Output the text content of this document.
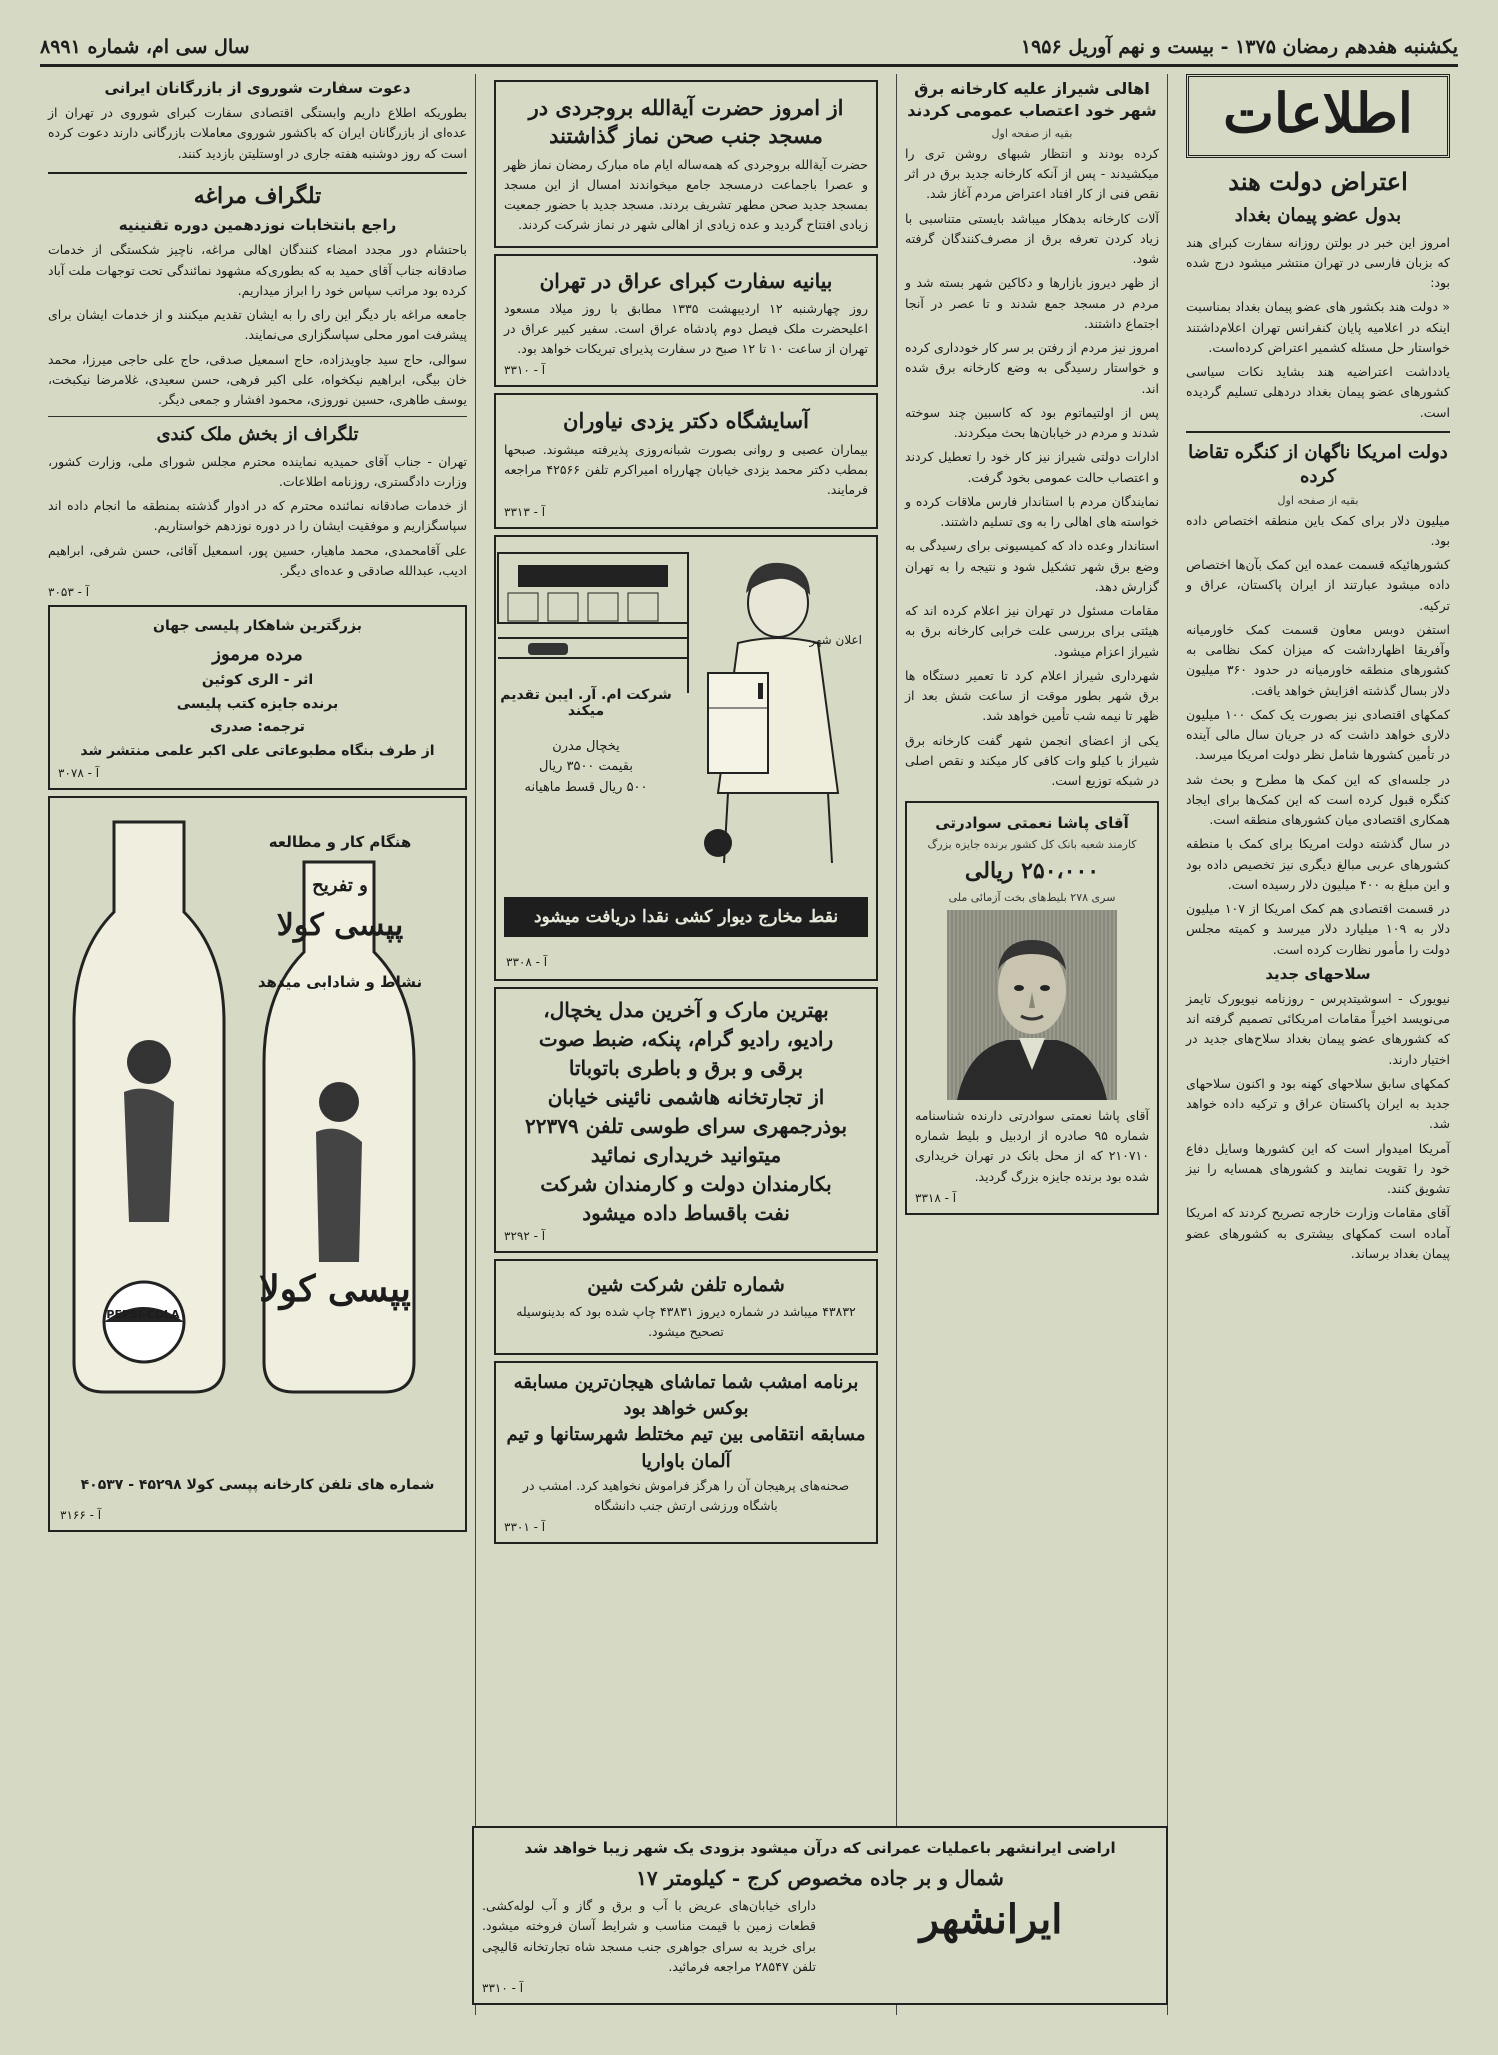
یکشنبه هفدهم رمضان ۱۳۷۵ - بیست و نهم آوریل ۱۹۵۶
سال سی ام، شماره ۸۹۹۱
اطلاعات
اعتراض دولت هند
بدول عضو پیمان بغداد

امروز این خبر در بولتن روزانه سفارت کبرای هند که بزبان فارسی در تهران منتشر میشود درج شده بود:

« دولت هند بکشور های عضو پیمان بغداد بمناسبت اینکه در اعلامیه پایان کنفرانس تهران اعلام‌داشتند خواستار حل مسئله کشمیر اعتراض کرده‌است.

یادداشت اعتراضیه هند بشاید نکات سیاسی کشورهای عضو پیمان بغداد دردهلی تسلیم گردیده است.

دولت امریکا ناگهان از کنگره تقاضا کرده
بقیه از صفحه اول

میلیون دلار برای کمک باین منطقه اختصاص داده بود.

کشورهائیکه قسمت عمده این کمک بآن‌ها اختصاص داده میشود عبارتند از ایران پاکستان، عراق و ترکیه.

استفن دوبس معاون قسمت کمک خاورمیانه وآفریقا اظهارداشت که میزان کمک نظامی به کشورهای منطقه خاورمیانه در حدود ۳۶۰ میلیون دلار بسال گذشته افزایش خواهد یافت.

کمکهای اقتصادی نیز بصورت یک کمک ۱۰۰ میلیون دلاری خواهد داشت که در جریان سال مالی آینده در تأمین کشورها شامل نظر دولت امریکا میرسد.

در جلسه‌ای که این کمک ها مطرح و بحث شد کنگره قبول کرده است که این کمک‌ها برای ایجاد همکاری اقتصادی میان کشورهای منطقه است.

در سال گذشته دولت امریکا برای کمک با منطقه کشورهای عربی مبالغ دیگری نیز تخصیص داده بود و این مبلغ به ۴۰۰ میلیون دلار رسیده است.

در قسمت اقتصادی هم کمک امریکا از ۱۰۷ میلیون دلار به ۱۰۹ میلیارد دلار میرسد و کمیته مجلس دولت را مأمور نظارت کرده است.

سلاحهای جدید

نیویورک - اسوشیتدپرس - روزنامه نیویورک تایمز می‌نویسد اخیراً مقامات امریکائی تصمیم گرفته اند که کشورهای عضو پیمان بغداد سلاح‌های جدید در اختیار دارند.

کمکهای سابق سلاحهای کهنه بود و اکنون سلاحهای جدید به ایران پاکستان عراق و ترکیه داده خواهد شد.

آمریکا امیدوار است که این کشورها وسایل دفاع خود را تقویت نمایند و کشورهای همسایه را نیز تشویق کنند.

آقای مقامات وزارت خارجه تصریح کردند که امریکا آماده است کمکهای بیشتری به کشورهای عضو پیمان بغداد برساند.

اهالی شیراز علیه کارخانه برق شهر خود اعتصاب عمومی کردند
بقیه از صفحه اول

کرده بودند و انتظار شبهای روشن تری را میکشیدند - پس از آنکه کارخانه جدید برق در اثر نقص فنی از کار افتاد اعتراض مردم آغاز شد.

آلات کارخانه بدهکار میباشد بایستی متناسبی با زیاد کردن تعرفه برق از مصرف‌کنندگان گرفته شود.

از ظهر دیروز بازارها و دکاکین شهر بسته شد و مردم در مسجد جمع شدند و تا عصر در آنجا اجتماع داشتند.

امروز نیز مردم از رفتن بر سر کار خودداری کرده و خواستار رسیدگی به وضع کارخانه برق شده اند.

پس از اولتیماتوم بود که کاسبین چند سوخته شدند و مردم در خیابان‌ها بحث میکردند.

ادارات دولتی شیراز نیز کار خود را تعطیل کردند و اعتصاب حالت عمومی بخود گرفت.

نمایندگان مردم با استاندار فارس ملاقات کرده و خواسته های اهالی را به وی تسلیم داشتند.

استاندار وعده داد که کمیسیونی برای رسیدگی به وضع برق شهر تشکیل شود و نتیجه را به تهران گزارش دهد.

مقامات مسئول در تهران نیز اعلام کرده اند که هیئتی برای بررسی علت خرابی کارخانه برق به شیراز اعزام میشود.

شهرداری شیراز اعلام کرد تا تعمیر دستگاه ها برق شهر بطور موقت از ساعت شش بعد از ظهر تا نیمه شب تأمین خواهد شد.

یکی از اعضای انجمن شهر گفت کارخانه برق شیراز با کیلو وات کافی کار میکند و نقص اصلی در شبکه توزیع است.

آقای پاشا نعمتی سوادرتی
کارمند شعبه بانک کل کشور برنده جایزه بزرگ
۲۵۰،۰۰۰ ریالی
سری ۲۷۸ بلیط‌های بخت آزمائی ملی

آقای پاشا نعمتی سوادرتی دارنده شناسنامه شماره ۹۵ صادره از اردبیل و بلیط شماره ۲۱۰۷۱۰ که از محل بانک در تهران خریداری شده بود برنده جایزه بزرگ گردید.

آ - ۳۳۱۸
از امروز حضرت آیةالله بروجردی در مسجد جنب صحن نماز گذاشتند

حضرت آیةالله بروجردی که همه‌ساله ایام ماه مبارک رمضان نماز ظهر و عصرا باجماعت درمسجد جامع میخواندند امسال از این مسجد بمسجد جدید صحن مطهر تشریف بردند. مسجد جدید با حضور جمعیت زیادی افتتاح گردید و عده زیادی از اهالی شهر در نماز شرکت کردند.

بیانیه سفارت کبرای عراق در تهران

روز چهارشنبه ۱۲ اردیبهشت ۱۳۳۵ مطابق با روز میلاد مسعود اعلیحضرت ملک فیصل دوم پادشاه عراق است. سفیر کبیر عراق در تهران از ساعت ۱۰ تا ۱۲ صبح در سفارت پذیرای تبریکات خواهد بود.

آ - ۳۳۱۰
آسایشگاه دکتر یزدی نیاوران

بیماران عصبی و روانی بصورت شبانه‌روزی پذیرفته میشوند. صبحها بمطب دکتر محمد یزدی خیابان چهارراه امیراکرم تلفن ۴۲۵۶۶ مراجعه فرمایند.

آ - ۳۳۱۳
اعلان شهر
شرکت ام. آر. ایبن تقدیم میکند
یخچال مدرن
بقیمت ۳۵۰۰ ریال
۵۰۰ ریال قسط ماهیانه
نقط مخارج دیوار کشی نقدا دریافت میشود
آ - ۳۳۰۸
بهترین مارک و آخرین مدل یخچال،
رادیو، رادیو گرام، پنکه، ضبط صوت
برقی و برق و باطری باتوباتا
از تجارتخانه هاشمی نائینی خیابان
بوذرجمهری سرای طوسی تلفن ۲۲۳۷۹
میتوانید خریداری نمائید
بکارمندان دولت و کارمندان شرکت
نفت باقساط داده میشود
آ - ۳۲۹۲
شماره تلفن شرکت شین

۴۳۸۳۲ میباشد در شماره دیروز ۴۳۸۳۱ چاپ شده بود که بدینوسیله تصحیح میشود.

برنامه امشب شما تماشای هیجان‌ترین مسابقه
بوکس خواهد بود
مسابقه انتقامی بین تیم مختلط شهرستانها و تیم
آلمان باواریا

صحنه‌های پرهیجان آن را هرگز فراموش نخواهید کرد. امشب در باشگاه ورزشی ارتش جنب دانشگاه

آ - ۳۳۰۱
دعوت سفارت شوروی از بازرگانان ایرانی

بطوریکه اطلاع داریم وابستگی اقتصادی سفارت کبرای شوروی در تهران از عده‌ای از بازرگانان ایران که باکشور شوروی معاملات بازرگانی دارند دعوت کرده است که روز دوشنبه هفته جاری در اوستلیتن بازدید کنند.

تلگراف مراغه
راجع بانتخابات نوزدهمین دوره تقنینیه

باحتشام دور مجدد امضاء کنندگان اهالی مراغه، ناچیز شکستگی از خدمات صادقانه جناب آقای حمید به که بطوری‌که مشهود نمائندگی تحت توجهات ملت آباد کرده بود مراتب سپاس خود را ابراز میداریم.

جامعه مراغه بار دیگر این رای را به ایشان تقدیم میکنند و از خدمات ایشان برای پیشرفت امور محلی سپاسگزاری می‌نمایند.

سوالی، حاج سید جاویدزاده، حاج اسمعیل صدقی، حاج علی حاجی میرزا، محمد خان بیگی، ابراهیم نیکخواه، علی اکبر فرهی، حسن سعیدی، غلامرضا نیکبخت، یوسف طاهری، حسین نوروزی، محمود افشار و جمعی دیگر.

تلگراف از بخش ملک کندی

تهران - جناب آقای حمیدیه نماینده محترم مجلس شورای ملی، وزارت کشور، وزارت دادگستری، روزنامه اطلاعات.

از خدمات صادقانه نمائنده محترم که در ادوار گذشته بمنطقه ما انجام داده اند سپاسگزاریم و موفقیت ایشان را در دوره نوزدهم خواستاریم.

علی آقامحمدی، محمد ماهیار، حسین پور، اسمعیل آقائی، حسن شرفی، ابراهیم ادیب، عبدالله صادقی و عده‌ای دیگر.

آ - ۳۰۵۳
بزرگترین شاهکار پلیسی جهان
مرده مرموز
اثر - الری کوئین
برنده جایزه کتب پلیسی
ترجمه: صدری
از طرف بنگاه مطبوعاتی علی اکبر علمی منتشر شد
آ - ۳۰۷۸
هنگام کار و مطالعه
و تفریح
پپسی کولا
نشاط و شادابی میدهد
پپسی کولا
PEPSI-COLA
شماره های تلفن کارخانه پپسی کولا ۴۵۲۹۸ - ۴۰۵۳۷
آ - ۳۱۶۶
اراضی ایرانشهر باعملیات عمرانی که درآن میشود بزودی یک شهر زیبا خواهد شد
شمال و بر جاده مخصوص کرج - کیلومتر ۱۷
ایرانشهر

دارای خیابان‌های عریض با آب و برق و گاز و آب لوله‌کشی. قطعات زمین با قیمت مناسب و شرایط آسان فروخته میشود. برای خرید به سرای جواهری جنب مسجد شاه تجارتخانه قالیچی تلفن ۲۸۵۴۷ مراجعه فرمائید.

آ - ۳۳۱۰
